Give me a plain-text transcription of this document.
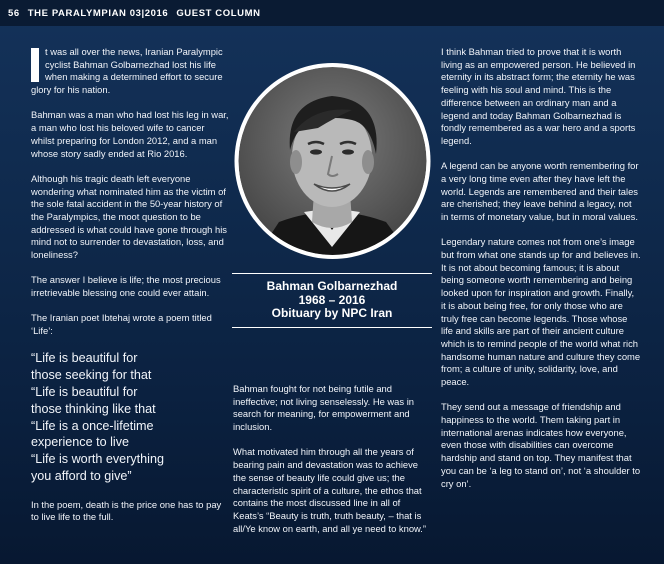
56 THE PARALYMPIAN 03|2016 GUEST COLUMN

t was all over the news, Iranian Paralympic cyclist Bahman Golbarnezhad lost his life when making a determined effort to secure glory for his nation.

Bahman was a man who had lost his leg in war, a man who lost his beloved wife to cancer whilst preparing for London 2012, and a man whose story sadly ended at Rio 2016.

Although his tragic death left everyone wondering what nominated him as the victim of the sole fatal accident in the 50-year history of the Paralympics, the moot question to be addressed is what could have gone through his mind not to surrender to devastation, loss, and loneliness?

The answer I believe is life; the most precious irretrievable blessing one could ever attain.

The Iranian poet Ibtehaj wrote a poem titled ‘Life’:

“Life is beautiful for
those seeking for that
“Life is beautiful for
those thinking like that
“Life is a once-lifetime
experience to live
“Life is worth everything
you afford to give”

In the poem, death is the price one has to pay to live life to the full.

Bahman Golbarnezhad
1968 – 2016
Obituary by NPC Iran

Bahman fought for not being futile and ineffective; not living senselessly. He was in search for meaning, for empowerment and inclusion.

What motivated him through all the years of bearing pain and devastation was to achieve the sense of beauty life could give us; the characteristic spirit of a culture, the ethos that contains the most discussed line in all of Keats’s “Beauty is truth, truth beauty, – that is all/Ye know on earth, and all ye need to know.”

I think Bahman tried to prove that it is worth living as an empowered person. He believed in eternity in its abstract form; the eternity he was feeling with his soul and mind. This is the difference between an ordinary man and a legend and today Bahman Golbarnezhad is fondly remembered as a war hero and a sports legend.

A legend can be anyone worth remembering for a very long time even after they have left the world. Legends are remembered and their tales are cherished; they leave behind a legacy, not in terms of monetary value, but in moral values.

Legendary nature comes not from one’s image but from what one stands up for and believes in. It is not about becoming famous; it is about being someone worth remembering and being looked upon for inspiration and growth. Finally, it is about being free, for only those who are truly free can become legends. Those whose life and skills are part of their ancient culture which is to remind people of the world what rich handsome human nature and culture they come from; a culture of unity, solidarity, love, and peace.

They send out a message of friendship and happiness to the world. Them taking part in international arenas indicates how everyone, even those with disabilities can overcome hardship and stand on top. They manifest that you can be ‘a leg to stand on’, not ‘a shoulder to cry on’.
